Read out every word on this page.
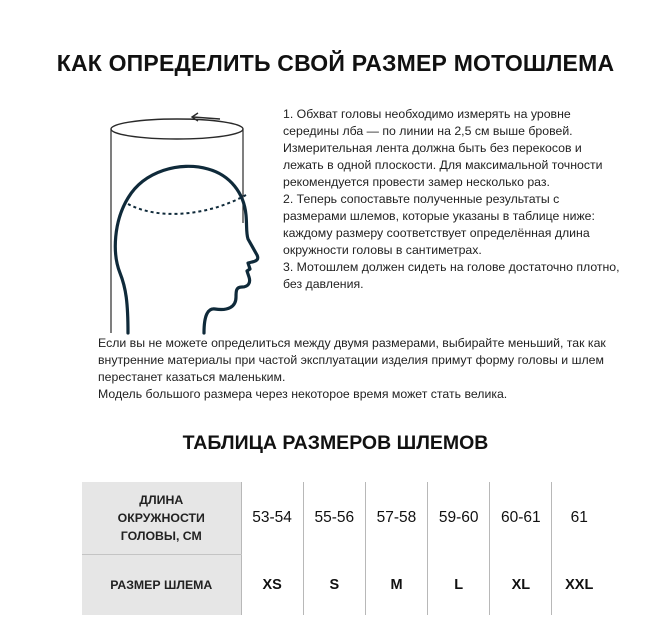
КАК ОПРЕДЕЛИТЬ СВОЙ РАЗМЕР МОТОШЛЕМА

1. Обхват головы необходимо измерять на уровне середины лба — по линии на 2,5 см выше бровей. Измерительная лента должна быть без перекосов и лежать в одной плоскости. Для максимальной точности рекомендуется провести замер несколько раз.

2. Теперь сопоставьте полученные результаты с размерами шлемов, которые указаны в таблице ниже: каждому размеру соответствует определённая длина окружности головы в сантиметрах.

3. Мотошлем должен сидеть на голове достаточно плотно, без давления.

Если вы не можете определиться между двумя размерами, выбирайте меньший, так как внутренние материалы при частой эксплуатации изделия примут форму головы и шлем перестанет казаться маленьким.

Модель большого размера через некоторое время может стать велика.

ТАБЛИЦА РАЗМЕРОВ ШЛЕМОВ
ДЛИНА
ОКРУЖНОСТИ
ГОЛОВЫ, СМ	53-54	55-56	57-58	59-60	60-61	61
РАЗМЕР ШЛЕМА	XS	S	M	L	XL	XXL
